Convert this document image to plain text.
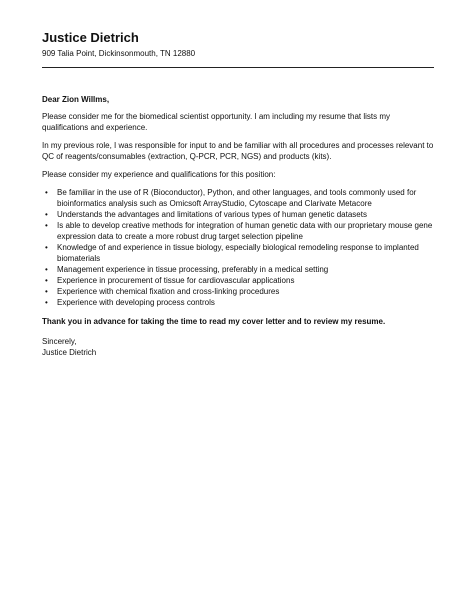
Justice Dietrich
909 Talia Point, Dickinsonmouth, TN 12880

Dear Zion Willms,

Please consider me for the biomedical scientist opportunity. I am including my resume that lists my qualifications and experience.

In my previous role, I was responsible for input to and be familiar with all procedures and processes relevant to QC of reagents/consumables (extraction, Q-PCR, PCR, NGS) and products (kits).

Please consider my experience and qualifications for this position:

• Be familiar in the use of R (Bioconductor), Python, and other languages, and tools commonly used for bioinformatics analysis such as Omicsoft ArrayStudio, Cytoscape and Clarivate Metacore
• Understands the advantages and limitations of various types of human genetic datasets
• Is able to develop creative methods for integration of human genetic data with our proprietary mouse gene expression data to create a more robust drug target selection pipeline
• Knowledge of and experience in tissue biology, especially biological remodeling response to implanted biomaterials
• Management experience in tissue processing, preferably in a medical setting
• Experience in procurement of tissue for cardiovascular applications
• Experience with chemical fixation and cross-linking procedures
• Experience with developing process controls

Thank you in advance for taking the time to read my cover letter and to review my resume.

Sincerely,

Justice Dietrich
